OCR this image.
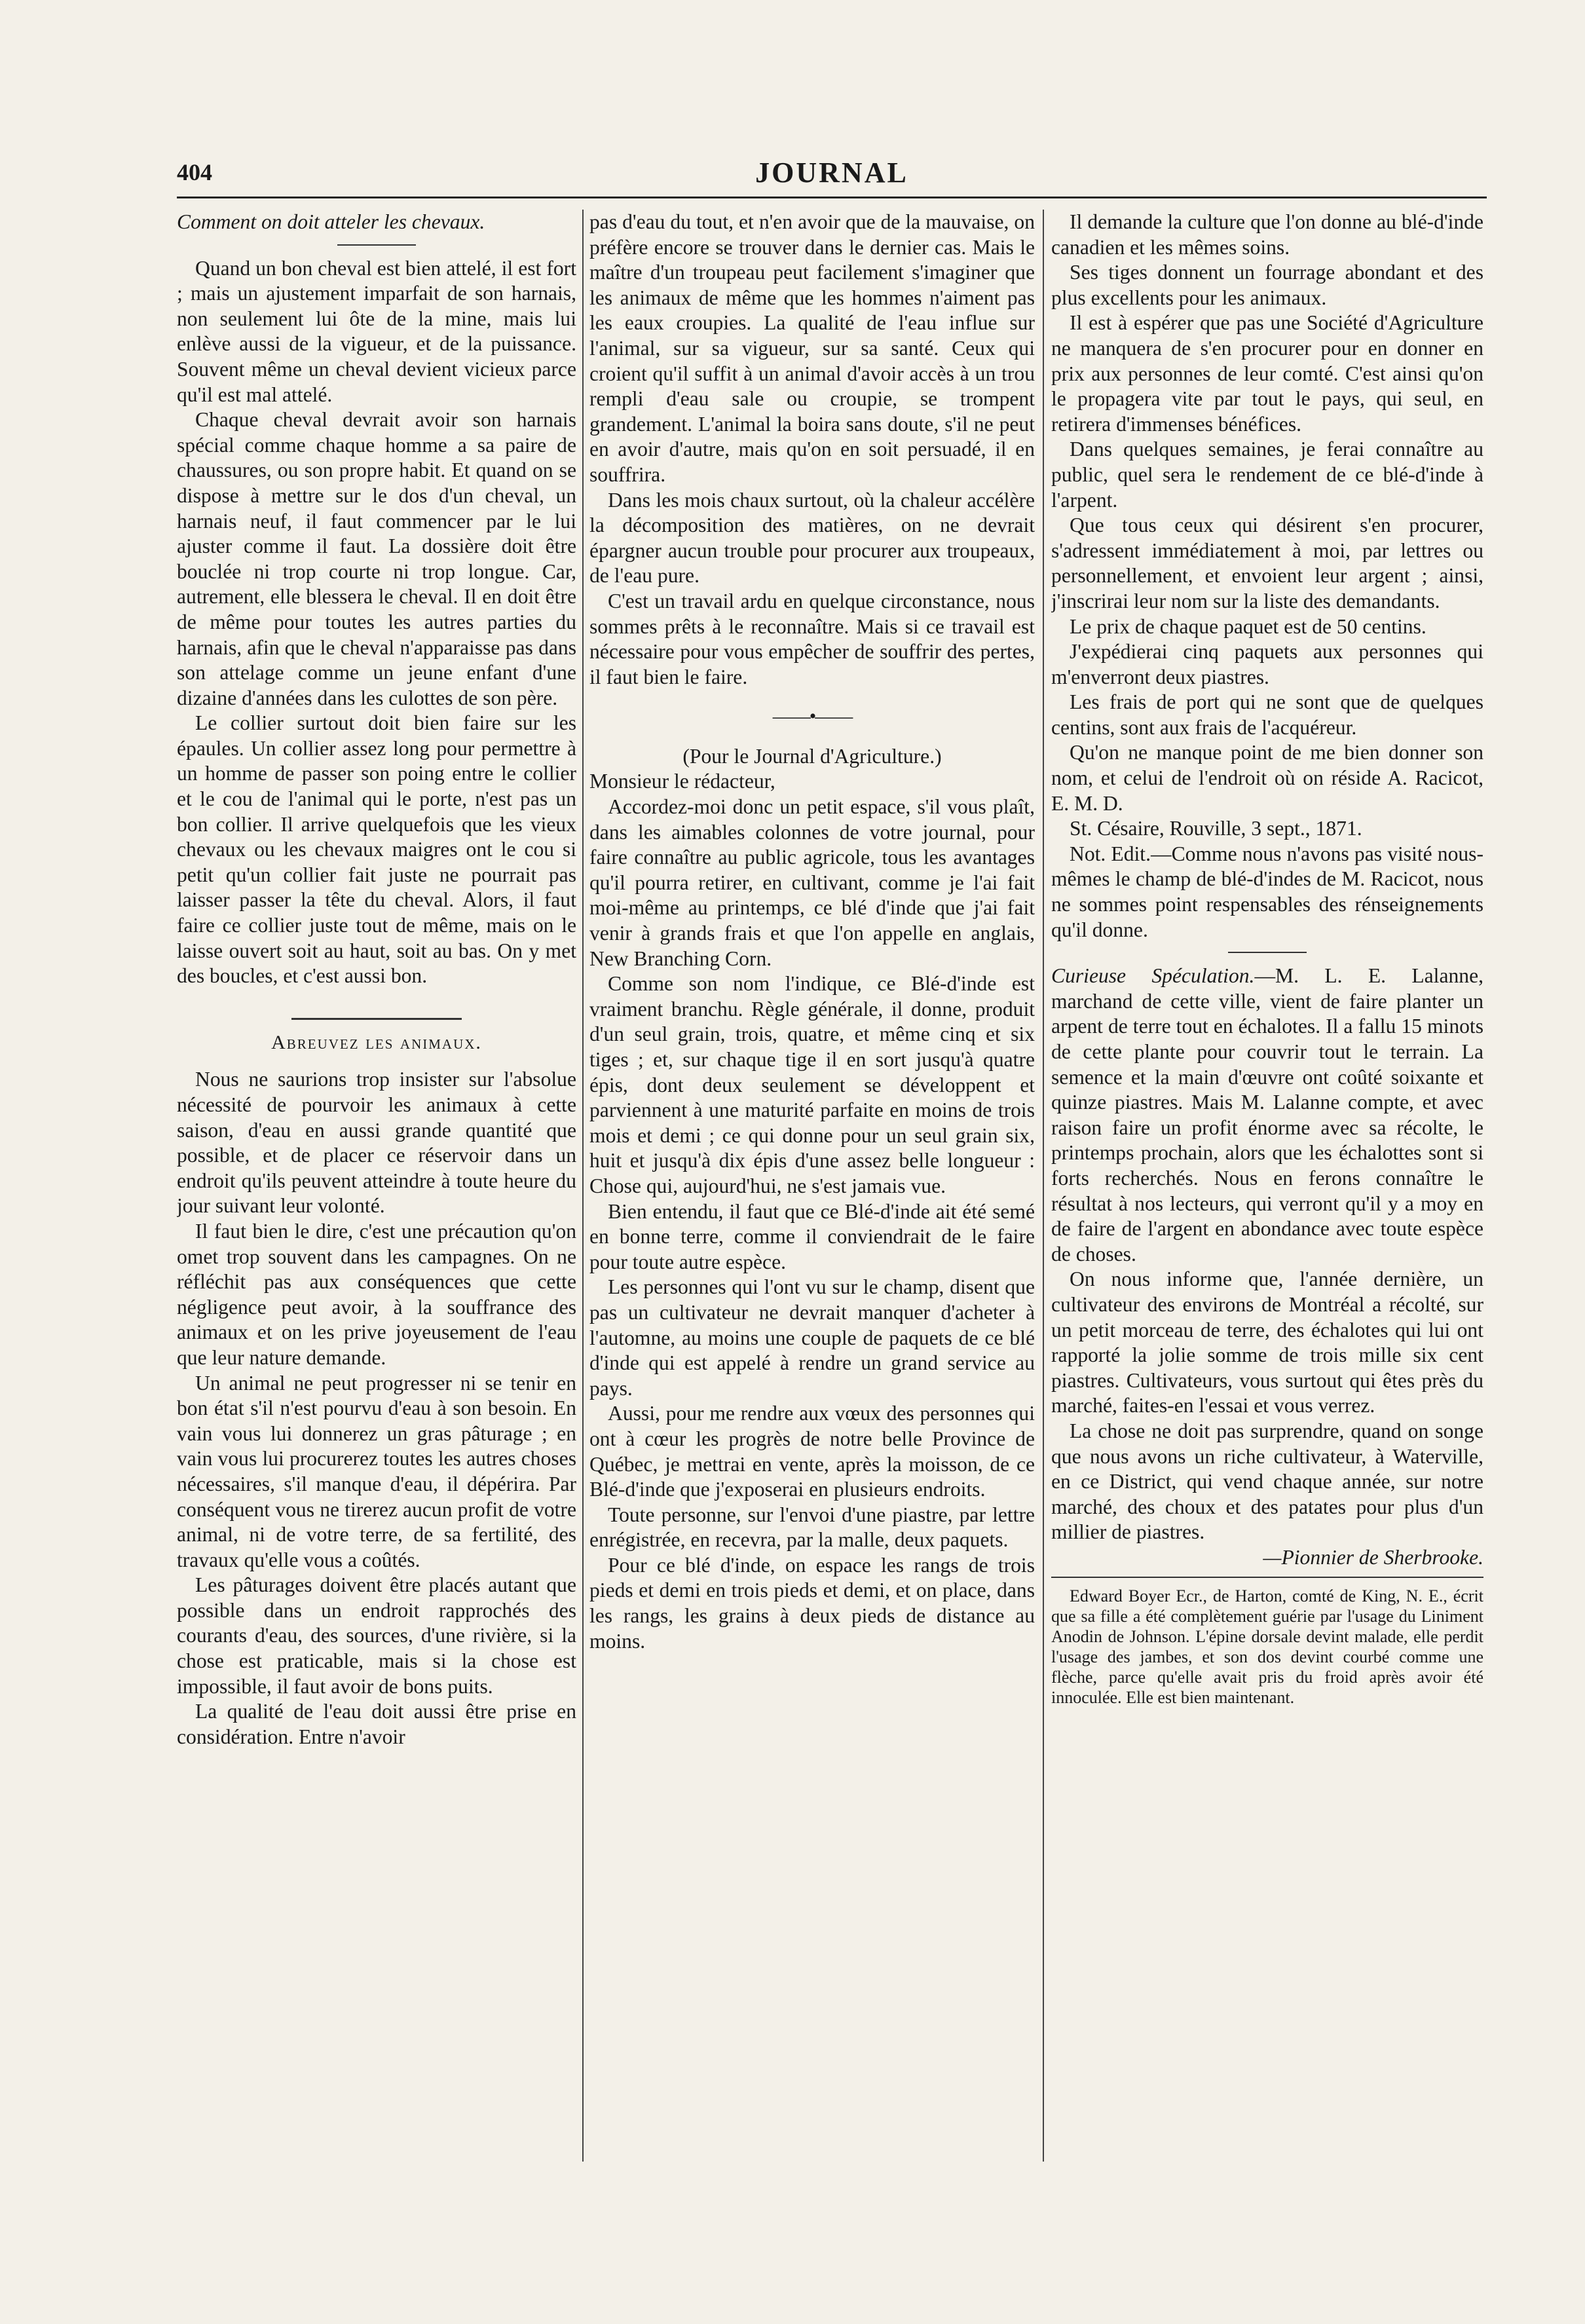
404	JOURNAL

Comment on doit atteler les chevaux.

Quand un bon cheval est bien attelé, il est fort ; mais un ajustement imparfait de son harnais, non seulement lui ôte de la mine, mais lui enlève aussi de la vigueur, et de la puissance. Souvent même un cheval devient vicieux parce qu'il est mal attelé.

Chaque cheval devrait avoir son harnais spécial comme chaque homme a sa paire de chaussures, ou son propre habit. Et quand on se dispose à mettre sur le dos d'un cheval, un harnais neuf, il faut commencer par le lui ajuster comme il faut. La dossière doit être bouclée ni trop courte ni trop longue. Car, autrement, elle blessera le cheval. Il en doit être de même pour toutes les autres parties du harnais, afin que le cheval n'apparaisse pas dans son attelage comme un jeune enfant d'une dizaine d'années dans les culottes de son père.

Le collier surtout doit bien faire sur les épaules. Un collier assez long pour permettre à un homme de passer son poing entre le collier et le cou de l'animal qui le porte, n'est pas un bon collier. Il arrive quelquefois que les vieux chevaux ou les chevaux maigres ont le cou si petit qu'un collier fait juste ne pourrait pas laisser passer la tête du cheval. Alors, il faut faire ce collier juste tout de même, mais on le laisse ouvert soit au haut, soit au bas. On y met des boucles, et c'est aussi bon.

Abreuvez les animaux.

Nous ne saurions trop insister sur l'absolue nécessité de pourvoir les animaux à cette saison, d'eau en aussi grande quantité que possible, et de placer ce réservoir dans un endroit qu'ils peuvent atteindre à toute heure du jour suivant leur volonté.

Il faut bien le dire, c'est une précaution qu'on omet trop souvent dans les campagnes. On ne réfléchit pas aux conséquences que cette négligence peut avoir, à la souffrance des animaux et on les prive joyeusement de l'eau que leur nature demande.

Un animal ne peut progresser ni se tenir en bon état s'il n'est pourvu d'eau à son besoin. En vain vous lui donnerez un gras pâturage ; en vain vous lui procurerez toutes les autres choses nécessaires, s'il manque d'eau, il dépérira. Par conséquent vous ne tirerez aucun profit de votre animal, ni de votre terre, de sa fertilité, des travaux qu'elle vous a coûtés.

Les pâturages doivent être placés autant que possible dans un endroit rapprochés des courants d'eau, des sources, d'une rivière, si la chose est praticable, mais si la chose est impossible, il faut avoir de bons puits.

La qualité de l'eau doit aussi être prise en considération. Entre n'avoir

pas d'eau du tout, et n'en avoir que de la mauvaise, on préfère encore se trouver dans le dernier cas. Mais le maître d'un troupeau peut facilement s'imaginer que les animaux de même que les hommes n'aiment pas les eaux croupies. La qualité de l'eau influe sur l'animal, sur sa vigueur, sur sa santé. Ceux qui croient qu'il suffit à un animal d'avoir accès à un trou rempli d'eau sale ou croupie, se trompent grandement. L'animal la boira sans doute, s'il ne peut en avoir d'autre, mais qu'on en soit persuadé, il en souffrira.

Dans les mois chaux surtout, où la chaleur accélère la décomposition des matières, on ne devrait épargner aucun trouble pour procurer aux troupeaux, de l'eau pure.

C'est un travail ardu en quelque circonstance, nous sommes prêts à le reconnaître. Mais si ce travail est nécessaire pour vous empêcher de souffrir des pertes, il faut bien le faire.

——•——

(Pour le Journal d'Agriculture.)

Monsieur le rédacteur,

Accordez-moi donc un petit espace, s'il vous plaît, dans les aimables colonnes de votre journal, pour faire connaître au public agricole, tous les avantages qu'il pourra retirer, en cultivant, comme je l'ai fait moi-même au printemps, ce blé d'inde que j'ai fait venir à grands frais et que l'on appelle en anglais, New Branching Corn.

Comme son nom l'indique, ce Blé-d'inde est vraiment branchu. Règle générale, il donne, produit d'un seul grain, trois, quatre, et même cinq et six tiges ; et, sur chaque tige il en sort jusqu'à quatre épis, dont deux seulement se développent et parviennent à une maturité parfaite en moins de trois mois et demi ; ce qui donne pour un seul grain six, huit et jusqu'à dix épis d'une assez belle longueur : Chose qui, aujourd'hui, ne s'est jamais vue.

Bien entendu, il faut que ce Blé-d'inde ait été semé en bonne terre, comme il conviendrait de le faire pour toute autre espèce.

Les personnes qui l'ont vu sur le champ, disent que pas un cultivateur ne devrait manquer d'acheter à l'automne, au moins une couple de paquets de ce blé d'inde qui est appelé à rendre un grand service au pays.

Aussi, pour me rendre aux vœux des personnes qui ont à cœur les progrès de notre belle Province de Québec, je mettrai en vente, après la moisson, de ce Blé-d'inde que j'exposerai en plusieurs endroits.

Toute personne, sur l'envoi d'une piastre, par lettre enrégistrée, en recevra, par la malle, deux paquets.

Pour ce blé d'inde, on espace les rangs de trois pieds et demi en trois pieds et demi, et on place, dans les rangs, les grains à deux pieds de distance au moins.

Il demande la culture que l'on donne au blé-d'inde canadien et les mêmes soins.

Ses tiges donnent un fourrage abondant et des plus excellents pour les animaux.

Il est à espérer que pas une Société d'Agriculture ne manquera de s'en procurer pour en donner en prix aux personnes de leur comté. C'est ainsi qu'on le propagera vite par tout le pays, qui seul, en retirera d'immenses bénéfices.

Dans quelques semaines, je ferai connaître au public, quel sera le rendement de ce blé-d'inde à l'arpent.

Que tous ceux qui désirent s'en procurer, s'adressent immédiatement à moi, par lettres ou personnellement, et envoient leur argent ; ainsi, j'inscrirai leur nom sur la liste des demandants.

Le prix de chaque paquet est de 50 centins.

J'expédierai cinq paquets aux personnes qui m'enverront deux piastres.

Les frais de port qui ne sont que de quelques centins, sont aux frais de l'acquéreur.

Qu'on ne manque point de me bien donner son nom, et celui de l'endroit où on réside A. Racicot, E. M. D.

St. Césaire, Rouville, 3 sept., 1871.

Not. Edit.—Comme nous n'avons pas visité nous-mêmes le champ de blé-d'indes de M. Racicot, nous ne sommes point respensables des rénseignements qu'il donne.

Curieuse Spéculation.—M. L. E. Lalanne, marchand de cette ville, vient de faire planter un arpent de terre tout en échalotes. Il a fallu 15 minots de cette plante pour couvrir tout le terrain. La semence et la main d'œuvre ont coûté soixante et quinze piastres. Mais M. Lalanne compte, et avec raison faire un profit énorme avec sa récolte, le printemps prochain, alors que les échalottes sont si forts recherchés. Nous en ferons connaître le résultat à nos lecteurs, qui verront qu'il y a moy en de faire de l'argent en abondance avec toute espèce de choses.

On nous informe que, l'année dernière, un cultivateur des environs de Montréal a récolté, sur un petit morceau de terre, des échalotes qui lui ont rapporté la jolie somme de trois mille six cent piastres. Cultivateurs, vous surtout qui êtes près du marché, faites-en l'essai et vous verrez.

La chose ne doit pas surprendre, quand on songe que nous avons un riche cultivateur, à Waterville, en ce District, qui vend chaque année, sur notre marché, des choux et des patates pour plus d'un millier de piastres.

—Pionnier de Sherbrooke.

Edward Boyer Ecr., de Harton, comté de King, N. E., écrit que sa fille a été complètement guérie par l'usage du Liniment Anodin de Johnson. L'épine dorsale devint malade, elle perdit l'usage des jambes, et son dos devint courbé comme une flèche, parce qu'elle avait pris du froid après avoir été innoculée. Elle est bien maintenant.
